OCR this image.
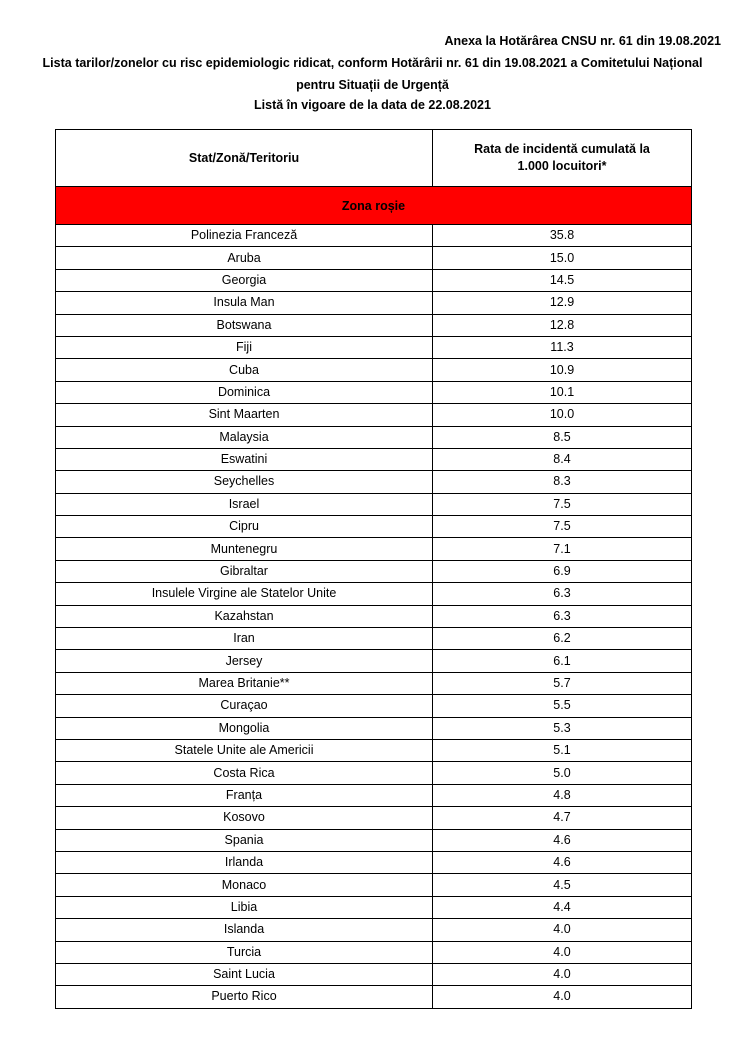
Anexa la Hotărârea CNSU nr. 61 din 19.08.2021
Lista tarilor/zonelor cu risc epidemiologic ridicat, conform Hotărârii nr. 61 din 19.08.2021 a Comitetului Național
pentru Situații de Urgență
Listă în vigoare de la data de 22.08.2021
Stat/Zonă/Teritoriu	Rata de incidentă cumulată la 1.000 locuitori*
Zona roșie	
Polinezia Franceză	35.8
Aruba	15.0
Georgia	14.5
Insula Man	12.9
Botswana	12.8
Fiji	11.3
Cuba	10.9
Dominica	10.1
Sint Maarten	10.0
Malaysia	8.5
Eswatini	8.4
Seychelles	8.3
Israel	7.5
Cipru	7.5
Muntenegru	7.1
Gibraltar	6.9
Insulele Virgine ale Statelor Unite	6.3
Kazahstan	6.3
Iran	6.2
Jersey	6.1
Marea Britanie**	5.7
Curaçao	5.5
Mongolia	5.3
Statele Unite ale Americii	5.1
Costa Rica	5.0
Franța	4.8
Kosovo	4.7
Spania	4.6
Irlanda	4.6
Monaco	4.5
Libia	4.4
Islanda	4.0
Turcia	4.0
Saint Lucia	4.0
Puerto Rico	4.0
